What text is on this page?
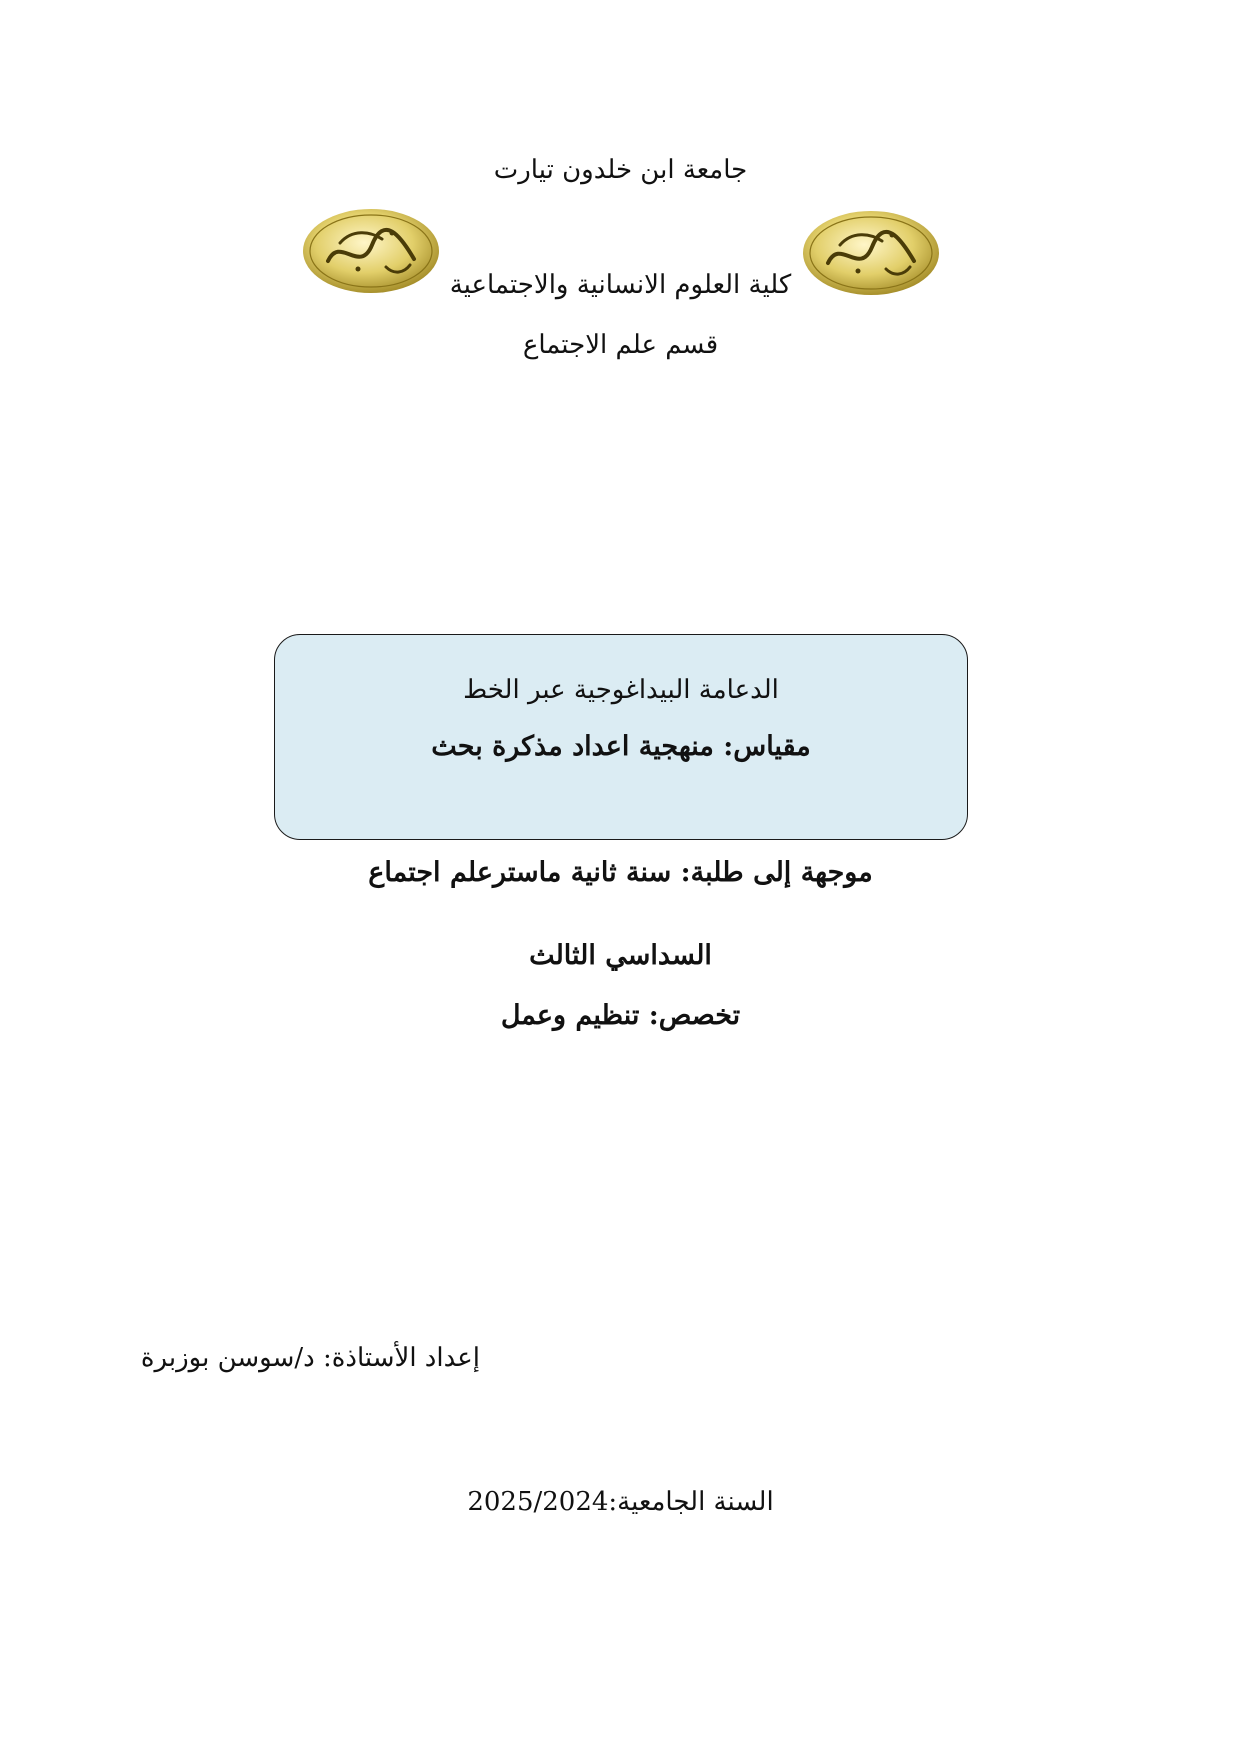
جامعة ابن خلدون تيارت
كلية العلوم الانسانية والاجتماعية
قسم علم الاجتماع
الدعامة البيداغوجية عبر الخط
مقياس: منهجية اعداد مذكرة بحث
موجهة إلى طلبة: سنة ثانية ماسترعلم اجتماع
السداسي الثالث
تخصص: تنظيم وعمل
إعداد الأستاذة: د/سوسن بوزبرة
السنة الجامعية:2025/2024
